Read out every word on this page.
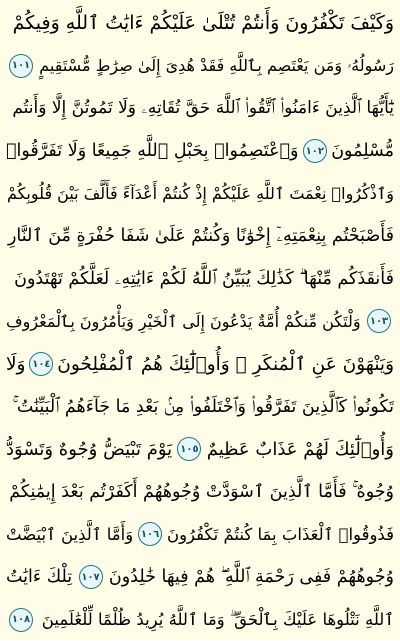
وَكَيْفَ تَكْفُرُونَ وَأَنتُمْ تُتْلَىٰ عَلَيْكُمْ ءَايَٰتُ ٱللَّهِ وَفِيكُمْ
رَسُولُهُۥ وَمَن يَعْتَصِم بِٱللَّهِ فَقَدْ هُدِىَ إِلَىٰ صِرَٰطٍ مُّسْتَقِيمٍ
١٠١
يَٰٓأَيُّهَا ٱلَّذِينَ ءَامَنُوا۟ ٱتَّقُوا۟ ٱللَّهَ حَقَّ تُقَاتِهِۦ وَلَا تَمُوتُنَّ إِلَّا وَأَنتُم
مُّسْلِمُونَ
١٠٢
وَٱعْتَصِمُوا۟ بِحَبْلِ ٱللَّهِ جَمِيعًا وَلَا تَفَرَّقُوا۟
وَٱذْكُرُوا۟ نِعْمَتَ ٱللَّهِ عَلَيْكُمْ إِذْ كُنتُمْ أَعْدَآءً فَأَلَّفَ بَيْنَ قُلُوبِكُمْ
فَأَصْبَحْتُم بِنِعْمَتِهِۦٓ إِخْوَٰنًا وَكُنتُمْ عَلَىٰ شَفَا حُفْرَةٍ مِّنَ ٱلنَّارِ
فَأَنقَذَكُم مِّنْهَا ۗ كَذَٰلِكَ يُبَيِّنُ ٱللَّهُ لَكُمْ ءَايَٰتِهِۦ لَعَلَّكُمْ تَهْتَدُونَ
١٠٣
وَلْتَكُن مِّنكُمْ أُمَّةٌ يَدْعُونَ إِلَى ٱلْخَيْرِ وَيَأْمُرُونَ بِٱلْمَعْرُوفِ
وَيَنْهَوْنَ عَنِ ٱلْمُنكَرِ ۚ وَأُو۟لَٰٓئِكَ هُمُ ٱلْمُفْلِحُونَ
١٠٤
وَلَا
تَكُونُوا۟ كَٱلَّذِينَ تَفَرَّقُوا۟ وَٱخْتَلَفُوا۟ مِنۢ بَعْدِ مَا جَآءَهُمُ ٱلْبَيِّنَٰتُ ۚ
وَأُو۟لَٰٓئِكَ لَهُمْ عَذَابٌ عَظِيمٌ
١٠٥
يَوْمَ تَبْيَضُّ وُجُوهٌ وَتَسْوَدُّ
وُجُوهٌ ۚ فَأَمَّا ٱلَّذِينَ ٱسْوَدَّتْ وُجُوهُهُمْ أَكَفَرْتُم بَعْدَ إِيمَٰنِكُمْ
فَذُوقُوا۟ ٱلْعَذَابَ بِمَا كُنتُمْ تَكْفُرُونَ
١٠٦
وَأَمَّا ٱلَّذِينَ ٱبْيَضَّتْ
وُجُوهُهُمْ فَفِى رَحْمَةِ ٱللَّهِ ۖ هُمْ فِيهَا خَٰلِدُونَ
١٠٧
تِلْكَ ءَايَٰتُ
ٱللَّهِ نَتْلُوهَا عَلَيْكَ بِٱلْحَقِّ ۗ وَمَا ٱللَّهُ يُرِيدُ ظُلْمًا لِّلْعَٰلَمِينَ
١٠٨
